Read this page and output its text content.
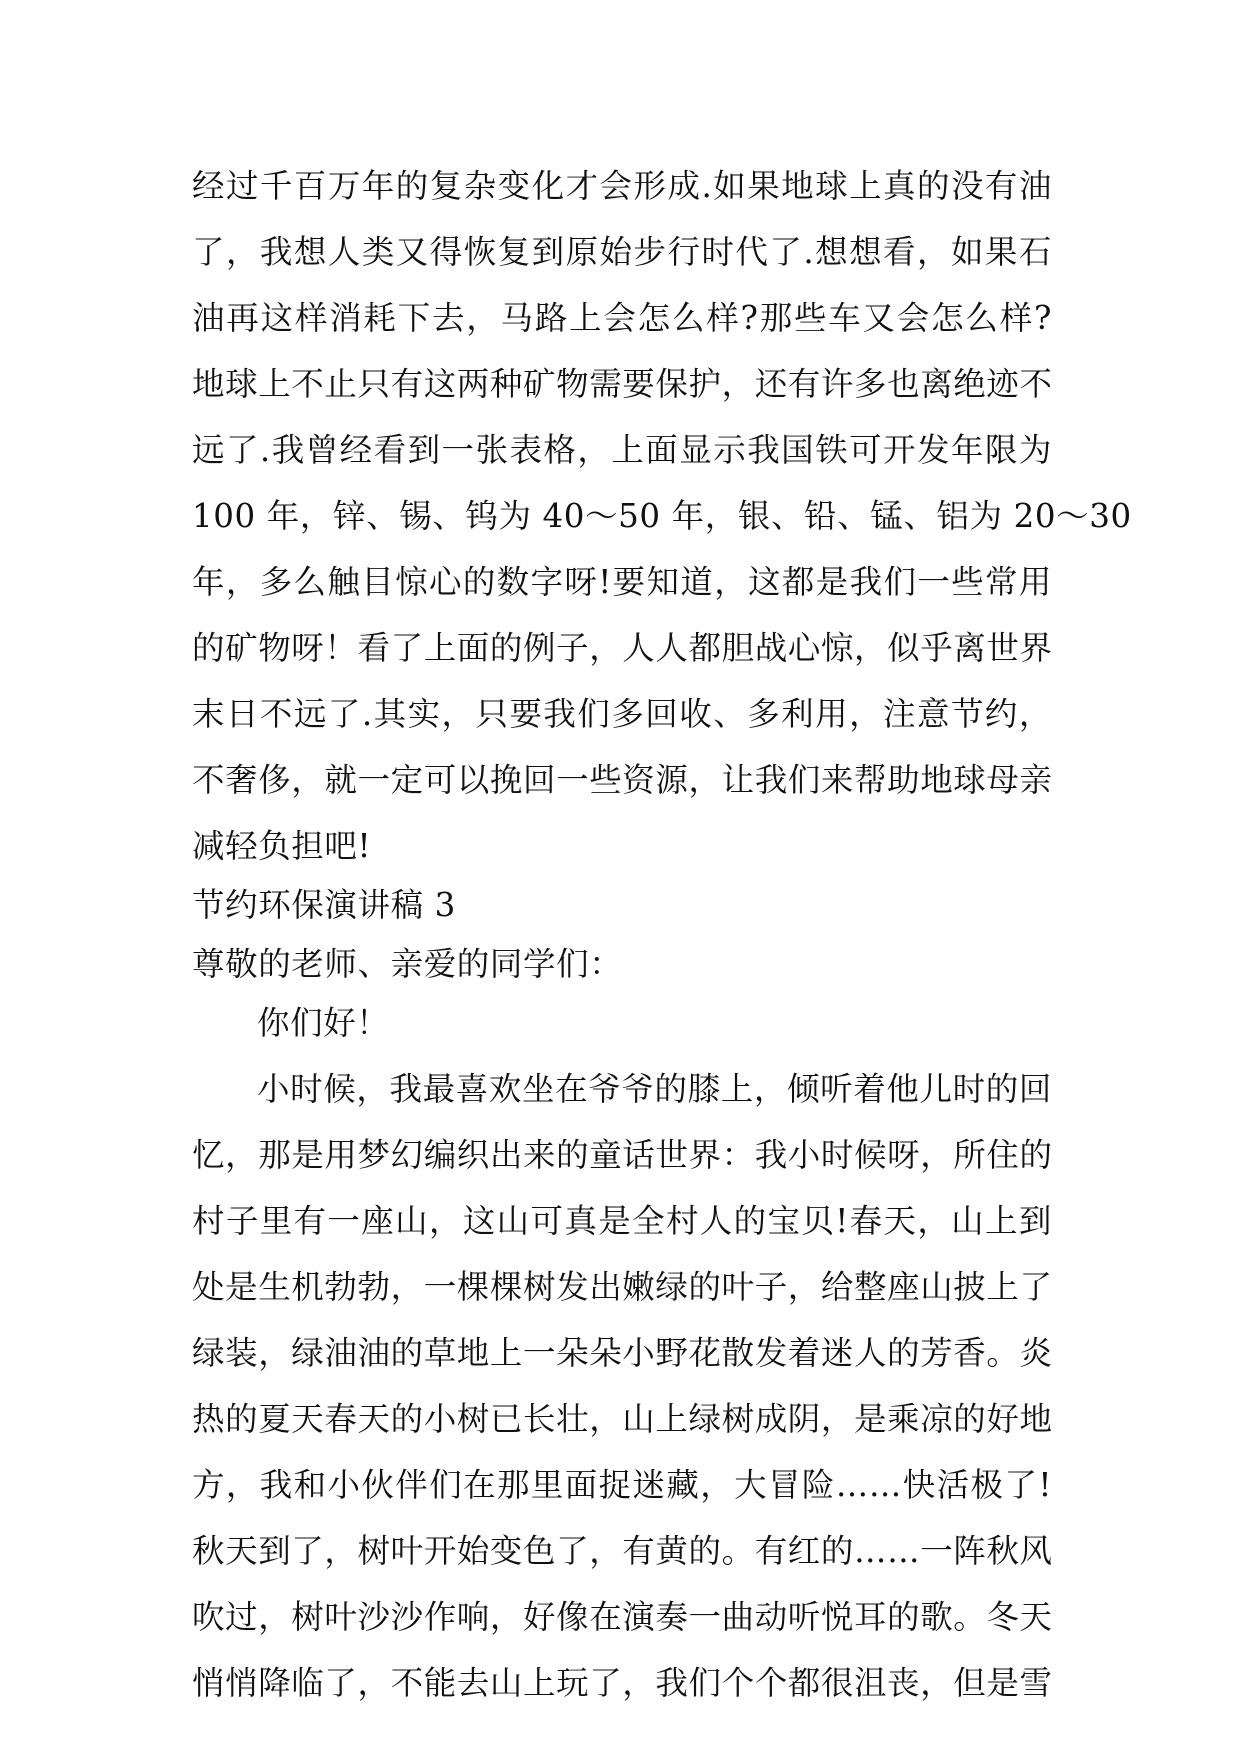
经过千百万年的复杂变化才会形成.如果地球上真的没有油
了，我想人类又得恢复到原始步行时代了.想想看，如果石
油再这样消耗下去，马路上会怎么样?那些车又会怎么样?
地球上不止只有这两种矿物需要保护，还有许多也离绝迹不
远了.我曾经看到一张表格，上面显示我国铁可开发年限为
100 年，锌、锡、钨为 40～50 年，银、铅、锰、铝为 20～30
年，多么触目惊心的数字呀!要知道，这都是我们一些常用
的矿物呀！看了上面的例子，人人都胆战心惊，似乎离世界
末日不远了.其实，只要我们多回收、多利用，注意节约，
不奢侈，就一定可以挽回一些资源，让我们来帮助地球母亲
减轻负担吧!
节约环保演讲稿 3
尊敬的老师、亲爱的同学们：
你们好！
小时候，我最喜欢坐在爷爷的膝上，倾听着他儿时的回
忆，那是用梦幻编织出来的童话世界：我小时候呀，所住的
村子里有一座山，这山可真是全村人的宝贝!春天，山上到
处是生机勃勃，一棵棵树发出嫩绿的叶子，给整座山披上了
绿装，绿油油的草地上一朵朵小野花散发着迷人的芳香。炎
热的夏天春天的小树已长壮，山上绿树成阴，是乘凉的好地
方，我和小伙伴们在那里面捉迷藏，大冒险……快活极了!
秋天到了，树叶开始变色了，有黄的。有红的……一阵秋风
吹过，树叶沙沙作响，好像在演奏一曲动听悦耳的歌。冬天
悄悄降临了，不能去山上玩了，我们个个都很沮丧，但是雪
